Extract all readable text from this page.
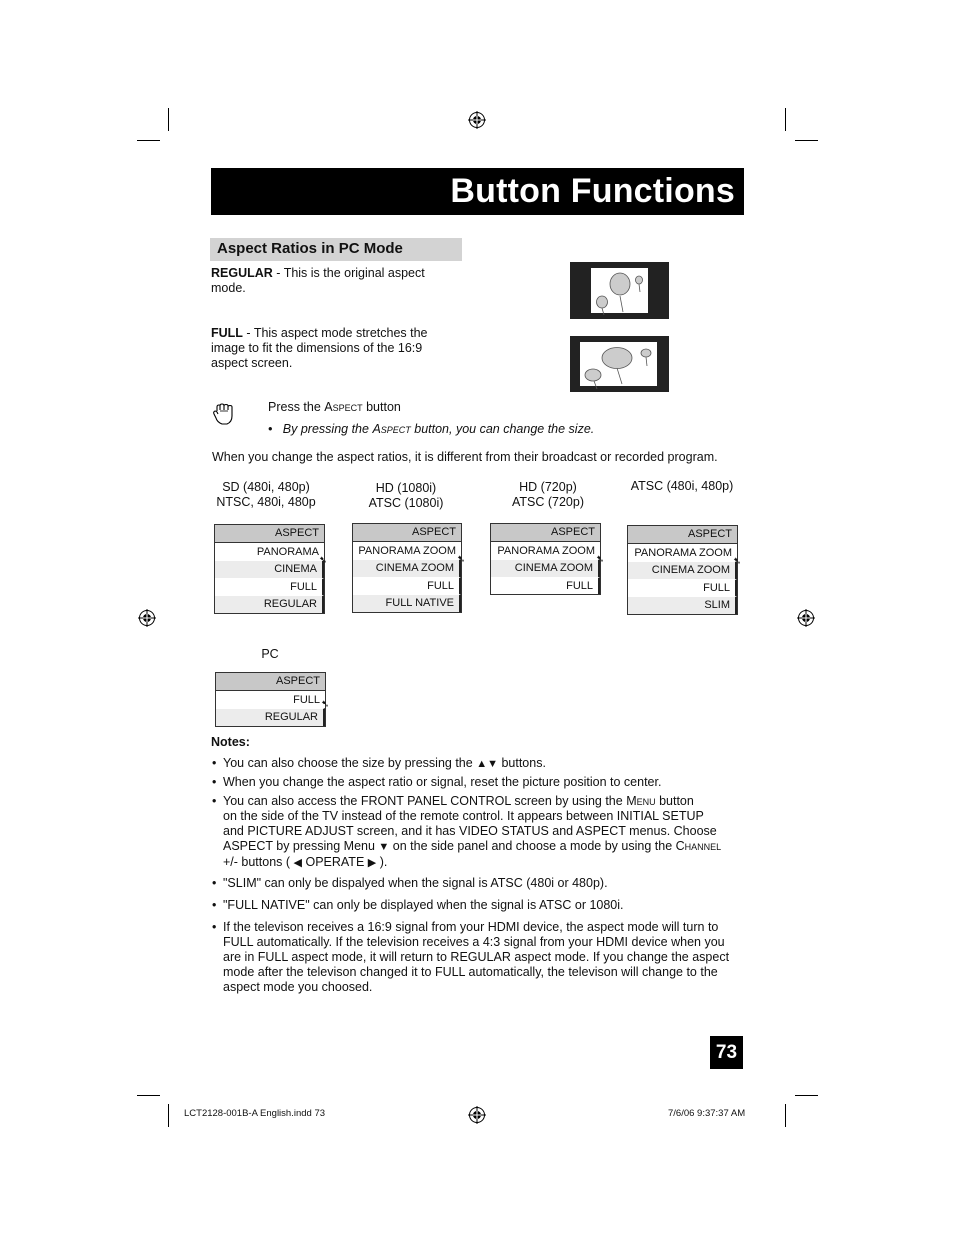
Button Functions
Aspect Ratios in PC Mode
REGULAR - This is the original aspect mode.
FULL - This aspect mode stretches the image to fit the dimensions of the 16:9 aspect screen.
Press the Aspect button
•   By pressing the Aspect button, you can change the size.
When you change the aspect ratios, it is different from their broadcast or recorded program.
SD (480i, 480p)
NTSC, 480i, 480p
HD (1080i)
ATSC (1080i)
HD (720p)
ATSC (720p)
ATSC (480i, 480p)
ASPECT
PANORAMA
CINEMA
FULL
REGULAR
➷
ASPECT
PANORAMA ZOOM
CINEMA ZOOM
FULL
FULL NATIVE
➷
ASPECT
PANORAMA ZOOM
CINEMA ZOOM
FULL
➷
ASPECT
PANORAMA ZOOM
CINEMA ZOOM
FULL
SLIM
➷
PC
ASPECT
FULL
REGULAR
➷
Notes:
• You can also choose the size by pressing the ▲▼ buttons.
• When you change the aspect ratio or signal, reset the picture position to center.
• You can also access the FRONT PANEL CONTROL screen by using the Menu button
on the side of the TV instead of the remote control. It appears between INITIAL SETUP
and PICTURE ADJUST screen, and it has VIDEO STATUS and ASPECT menus. Choose
ASPECT by pressing Menu ▼ on the side panel and choose a mode by using the Channel
+/- buttons ( ◀ OPERATE ▶ ).
• "SLIM" can only be dispalyed when the signal is ATSC (480i or 480p).
• "FULL NATIVE" can only be displayed when the signal is ATSC or 1080i.
• If the televison receives a 16:9 signal from your HDMI device, the aspect mode will turn to
FULL automatically. If the television receives a 4:3 signal from your HDMI device when you
are in FULL aspect mode, it will return to REGULAR aspect mode. If you change the aspect
mode after the televison changed it to FULL automatically, the televison will change to the
aspect mode you choosed.
73
LCT2128-001B-A English.indd 73	7/6/06 9:37:37 AM
